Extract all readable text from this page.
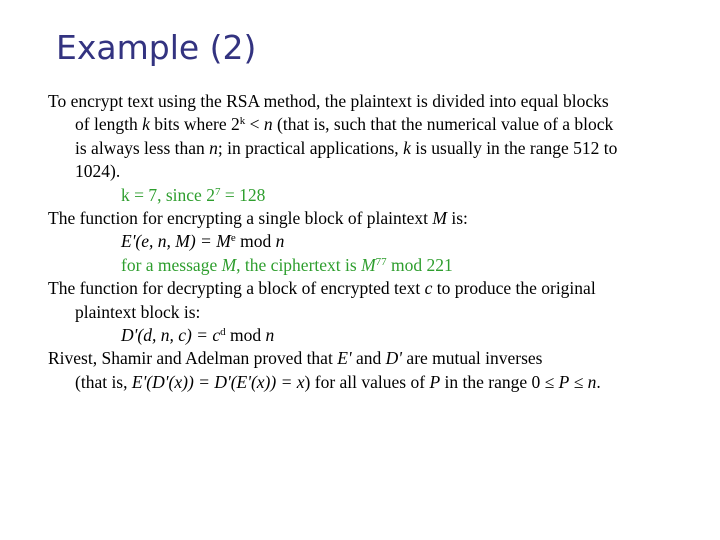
Example (2)
To encrypt text using the RSA method, the plaintext is divided into equal blocks
of length k bits where $2^k < n$ (that is, such that the numerical value of a block
is always less than n; in practical applications, k is usually in the range 512 to
1024).
k = 7, since $2^7 = 128$
The function for encrypting a single block of plaintext M is:
E'(e, n, $M) = M^e$ mod n
for a message M, the ciphertext is $M^{77}$ mod 221
The function for decrypting a block of encrypted text c to produce the original
plaintext block is:
D'(d, n, $c) = c^d$ mod n
Rivest, Shamir and Adelman proved that E' and D' are mutual inverses
(that is, E'(D'(x)) = D'(E'(x)) = x) for all values of P in the range 0 ≤ P ≤ n.
